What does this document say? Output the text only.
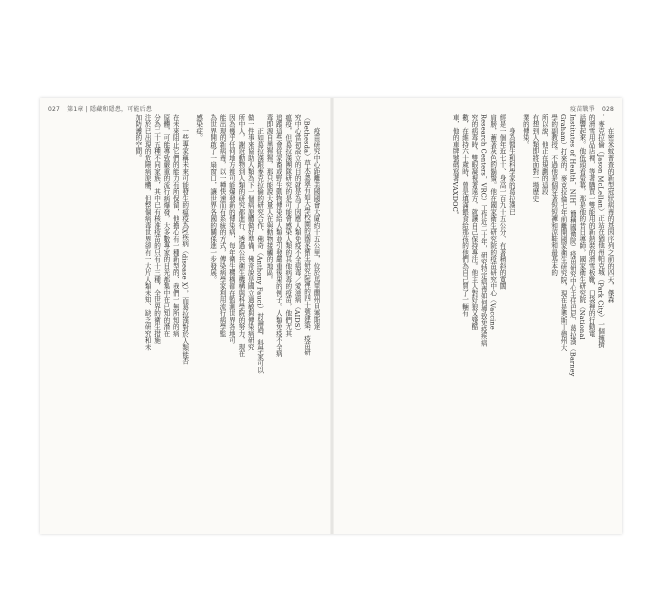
027 第1章 | 隱藏和隱患，可能后患	疫苗戰爭 028
疫苗研究中心距離美國國會大廈約十五公里，位於馬里蘭州貝塞斯達
（Bethesda）草木葱翠有如大學校園的國家衛生研究院裡的四十號建築，疫苗研
究中心當初設立的目的就是為了因應人類免疫不全病毒／愛滋病（AIDS）
瘟疫，但葛拉漢團隊研究的是可能會感染人類的其他病毒的疫苗，他們尤其
追蹤這些會從家畜或野生動物傳染給人類並引發嚴重後果的例子。人類免疫不全病
毒即源自黑猩猩，那只能說大量人在與動物接觸的地區。
正如葛拉漢跟麥克拉倫的研究合作，佛奇（Anthony Fauci）討論過，科學家可以
做一件事來協助人類為下一個病原體做好準備，佛奇說是國立過敏與傳染病研究
所中人，謝冠動物到人類的研究都進行，透過公共衛生機構與科學院的努力，現在
因為幾乎任何地方都可能爆發新的傳染病，每年衛生機構都在監測世界各地可
能出現的新病毒，以一種快速而有系統的方式，傳染病學家利用流行病學監
為世界開啟了一扇窗口，讓世界各國的關係進一步發展。
感染症。
一些專家稱未來可能發生的瘟疫為X疾病（disease X），而葛拉漢對於人類能否
在未來阻止它們的能力有所保留，他擔心有一種新型的、我們一無所知的病
原體，可能導致嚴重的流行病爆發，大多數專家的目光都集中在已知的潛在
分為二十五種不同家族，其中已有核准疫苗的只有十三種，全世界的衛生措施
注於已出現的危險病原體，但整個病毒世界卻有一大片人類未知、缺乏研究和未
加防護的空間。	在密米蚊普查的新型冠狀病毒的基因序列之前的四天，傑森
．麥克拉倫（Jason McLellan）正站在猶他州帕克城（Park City）一個擁擠
的滑雪用品店裡，等著購買一雙能用的新熱裝的滑雪板靴，口袋裡的行動電
話響起來。他低頭看螢幕，那是他的昔日導師，國家衛生研究院（National
Institutes of Health，NIH，簡稱國衛院）疫苗研究中心主任巴尼．葛拉漢（Barney
Graham）打來的。麥克拉倫七年前離開國家衛生研究院，現在是奧斯丁德州大
學的副教授。不過他是個穿著短短褲和涼鞋和最基本的
所以說，他正在規劃的這段
有想到人類即將面對一場歷史
業的傳染。
身為醫生和科學家的葛拉漢已
經是一個年近七十、身高一百九十五公分、有著精斜的寬闊
肩膀，蓄著灰色的鬍鬚。他在國家衛生研究院的疫苗研究中心（Vaccine
Research Centers，VRC）工作近二十年，研究特定病毒如何導致免疫疾病
究的病毒時，雙眼凝視著遠方，就讓自己保持專注。他主人對好狼又殘酷
數，在維持六十歲時，曾是填滿餵食給那孩的他們為自己買了一輛有
車，他的車牌號碼寫著VAXDOC。
